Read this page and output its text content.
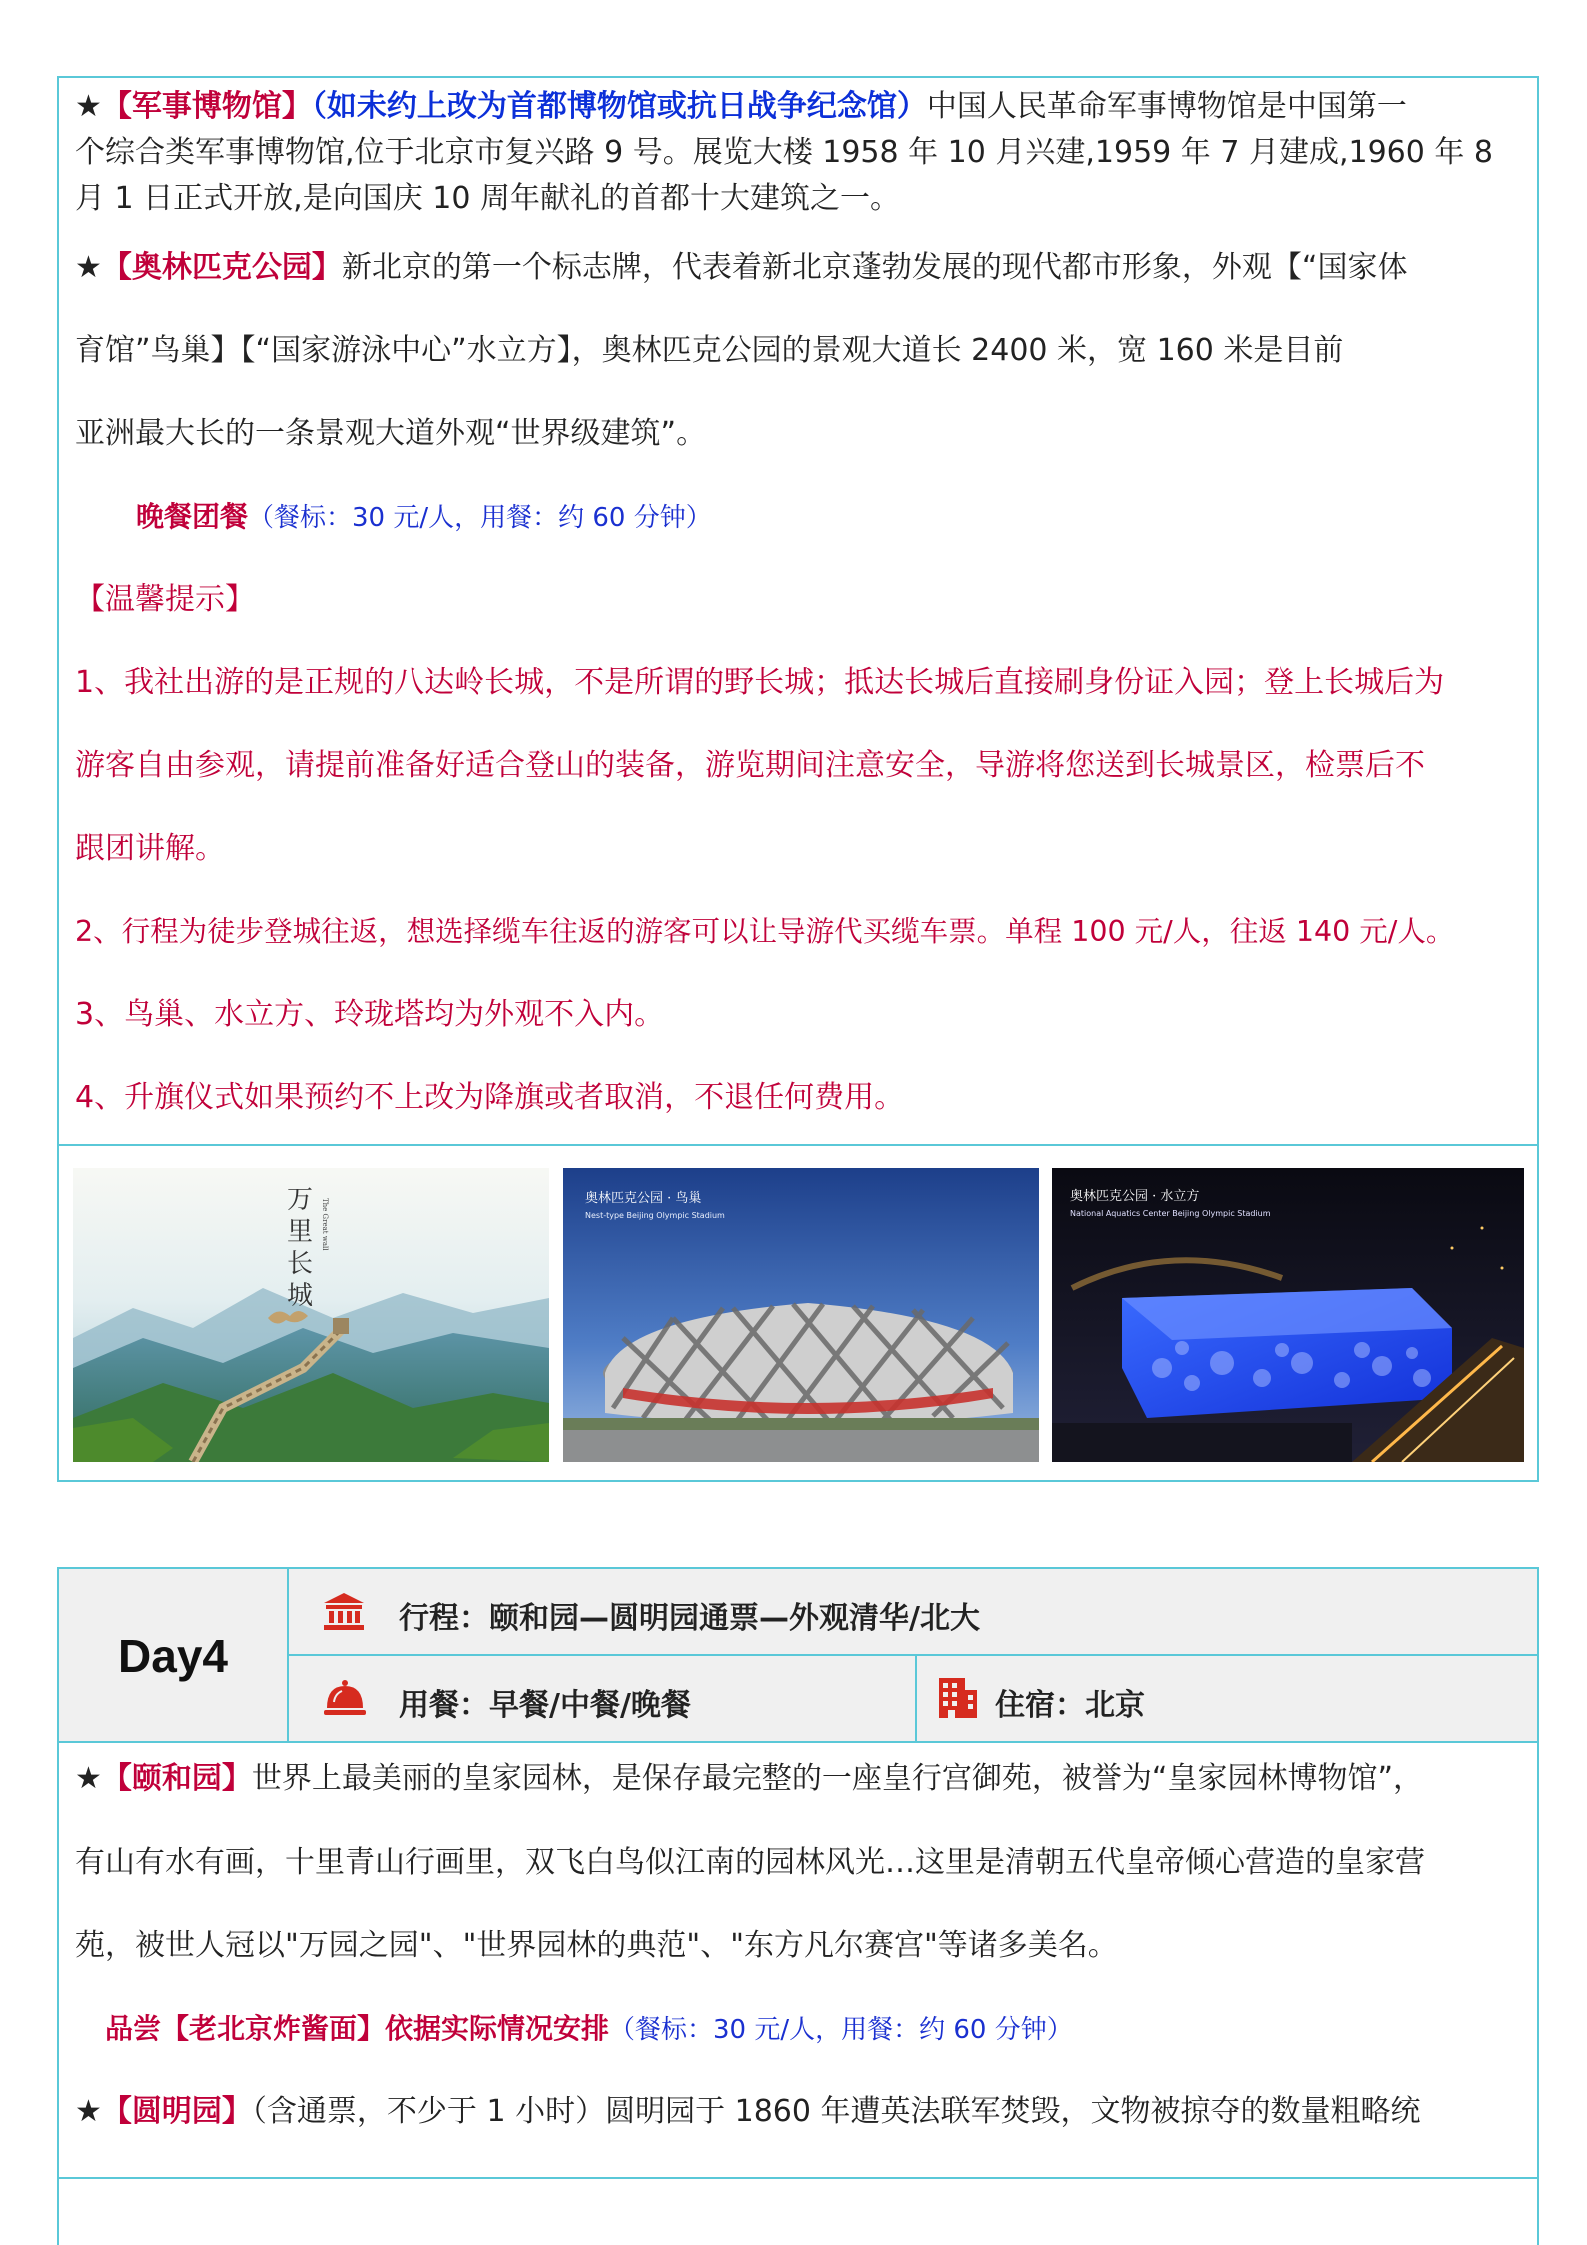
★【军事博物馆】（如未约上改为首都博物馆或抗日战争纪念馆）中国人民革命军事博物馆是中国第一
个综合类军事博物馆,位于北京市复兴路 9 号。展览大楼 1958 年 10 月兴建,1959 年 7 月建成,1960 年 8
月 1 日正式开放,是向国庆 10 周年献礼的首都十大建筑之一。
★【奥林匹克公园】新北京的第一个标志牌，代表着新北京蓬勃发展的现代都市形象，外观【“国家体
育馆”鸟巢】【“国家游泳中心”水立方】，奥林匹克公园的景观大道长 2400 米，宽 160 米是目前
亚洲最大长的一条景观大道外观“世界级建筑”。
晚餐团餐（餐标：30 元/人，用餐：约 60 分钟）
【温馨提示】
1、我社出游的是正规的八达岭长城，不是所谓的野长城；抵达长城后直接刷身份证入园；登上长城后为
游客自由参观，请提前准备好适合登山的装备，游览期间注意安全，导游将您送到长城景区，检票后不
跟团讲解。
2、行程为徒步登城往返，想选择缆车往返的游客可以让导游代买缆车票。单程 100 元/人，往返 140 元/人。
3、鸟巢、水立方、玲珑塔均为外观不入内。
4、升旗仪式如果预约不上改为降旗或者取消，不退任何费用。
万
里
长
城
The Great wall	奥林匹克公园 · 鸟巢
Nest-type Beijing Olympic Stadium
奥林匹克公园 · 水立方
National Aquatics Center Beijing Olympic Stadium
Day4
行程：颐和园—圆明园通票—外观清华/北大
用餐：早餐/中餐/晚餐	住宿：北京
★【颐和园】世界上最美丽的皇家园林，是保存最完整的一座皇行宫御苑，被誉为“皇家园林博物馆”，
有山有水有画，十里青山行画里，双飞白鸟似江南的园林风光…这里是清朝五代皇帝倾心营造的皇家营
苑，被世人冠以"万园之园"、"世界园林的典范"、"东方凡尔赛宫"等诸多美名。
品尝【老北京炸酱面】依据实际情况安排（餐标：30 元/人，用餐：约 60 分钟）
★【圆明园】（含通票，不少于 1 小时）圆明园于 1860 年遭英法联军焚毁，文物被掠夺的数量粗略统
